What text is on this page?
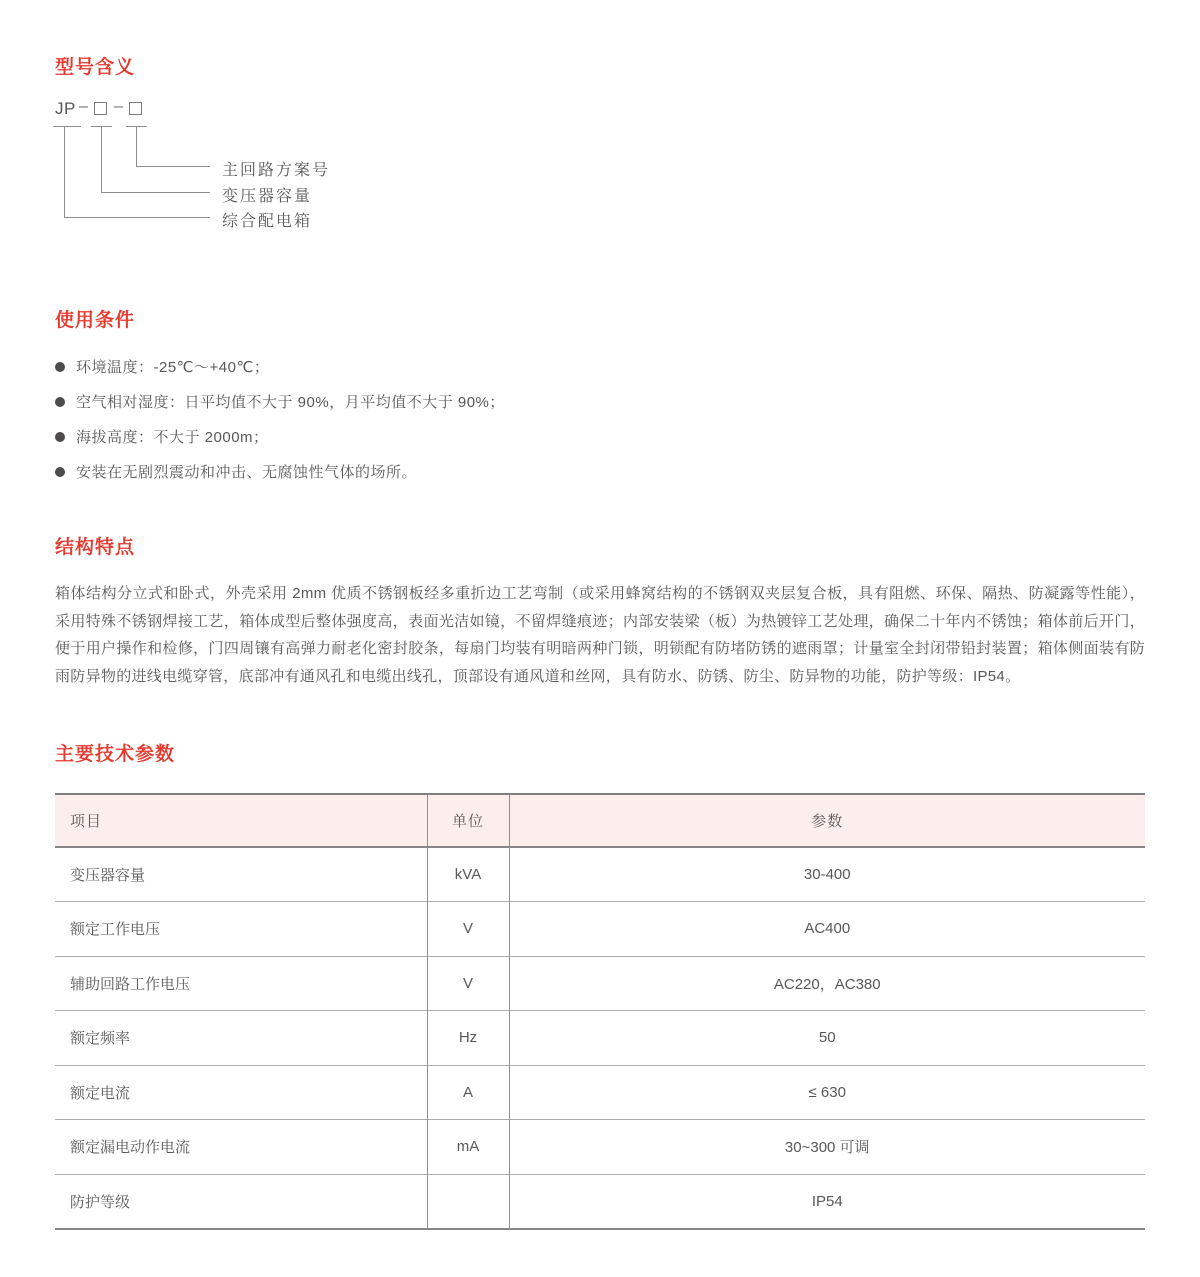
型号含义
JP – –
主回路方案号
变压器容量
综合配电箱
使用条件
环境温度：-25℃～+40℃；
空气相对湿度：日平均值不大于 90%，月平均值不大于 90%；
海拔高度：不大于 2000m；
安装在无剧烈震动和冲击、无腐蚀性气体的场所。
结构特点

箱体结构分立式和卧式，外壳采用 2mm 优质不锈钢板经多重折边工艺弯制（或采用蜂窝结构的不锈钢双夹层复合板，具有阻燃、环保、隔热、防凝露等性能），采用特殊不锈钢焊接工艺，箱体成型后整体强度高，表面光洁如镜，不留焊缝痕迹；内部安装梁（板）为热镀锌工艺处理，确保二十年内不锈蚀；箱体前后开门，便于用户操作和检修，门四周镶有高弹力耐老化密封胶条，每扇门均装有明暗两种门锁，明锁配有防堵防锈的遮雨罩；计量室全封闭带铅封装置；箱体侧面装有防雨防异物的进线电缆穿管，底部冲有通风孔和电缆出线孔，顶部设有通风道和丝网，具有防水、防锈、防尘、防异物的功能，防护等级：IP54。

主要技术参数
项目	单位	参数
变压器容量	kVA	30-400
额定工作电压	V	AC400
辅助回路工作电压	V	AC220，AC380
额定频率	Hz	50
额定电流	A	≤ 630
额定漏电动作电流	mA	30~300 可调
防护等级		IP54
